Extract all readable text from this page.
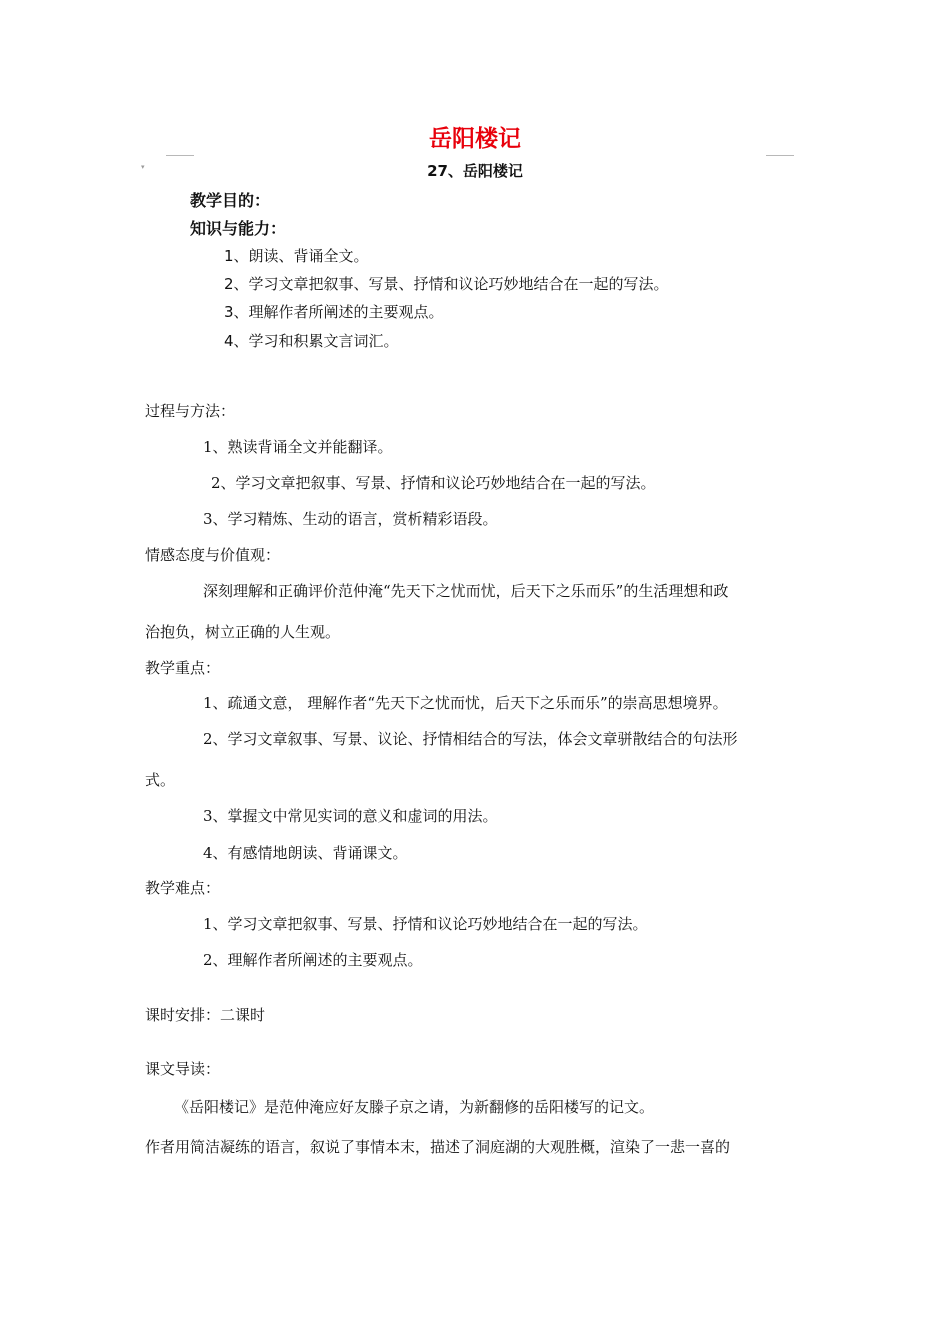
▾
岳阳楼记
27、岳阳楼记
教学目的：
知识与能力：
1、朗读、背诵全文。
2、学习文章把叙事、写景、抒情和议论巧妙地结合在一起的写法。
3、理解作者所阐述的主要观点。
4、学习和积累文言词汇。
过程与方法：
1、熟读背诵全文并能翻译。
2、学习文章把叙事、写景、抒情和议论巧妙地结合在一起的写法。
3、学习精炼、生动的语言，赏析精彩语段。
情感态度与价值观：
深刻理解和正确评价范仲淹“先天下之忧而忧，后天下之乐而乐”的生活理想和政
治抱负，树立正确的人生观。
教学重点：
1、疏通文意， 理解作者“先天下之忧而忧，后天下之乐而乐”的崇高思想境界。
2、学习文章叙事、写景、议论、抒情相结合的写法，体会文章骈散结合的句法形
式。
3、掌握文中常见实词的意义和虚词的用法。
4、有感情地朗读、背诵课文。
教学难点：
1、学习文章把叙事、写景、抒情和议论巧妙地结合在一起的写法。
2、理解作者所阐述的主要观点。
课时安排：二课时
课文导读：
《岳阳楼记》是范仲淹应好友滕子京之请，为新翻修的岳阳楼写的记文。
作者用简洁凝练的语言，叙说了事情本末，描述了洞庭湖的大观胜概，渲染了一悲一喜的
